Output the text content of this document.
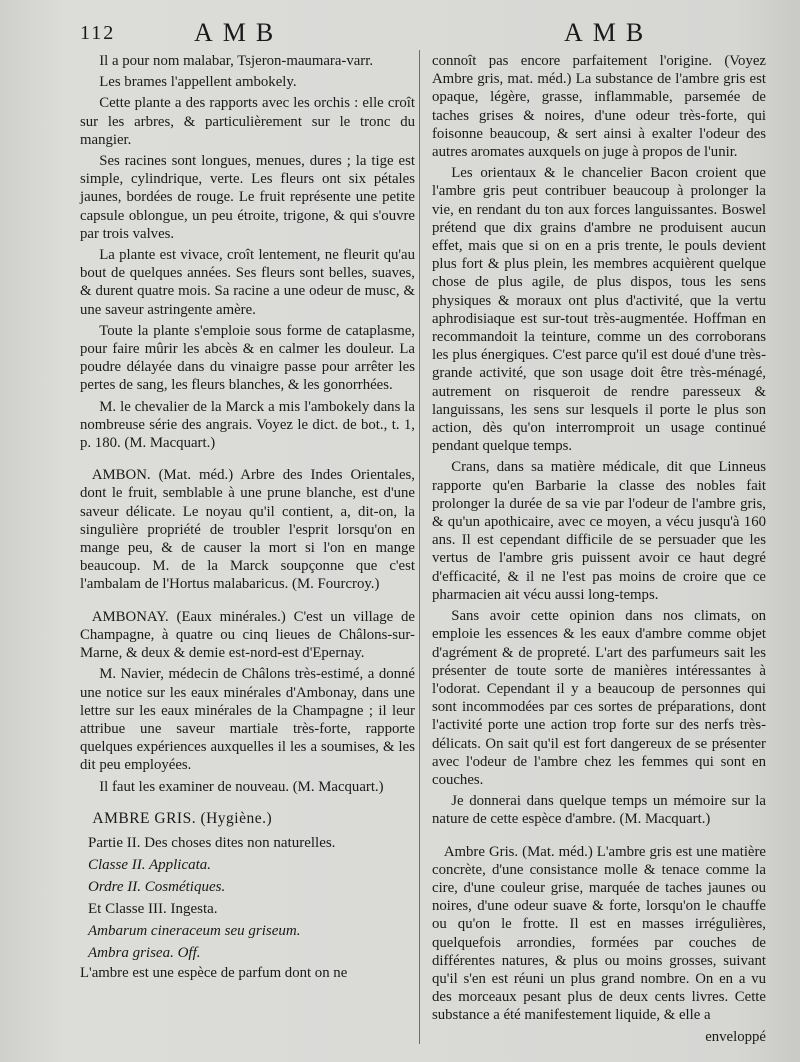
112	AMB	AMB

Il a pour nom malabar, Tsjeron-maumara-varr.

Les brames l'appellent ambokely.

Cette plante a des rapports avec les orchis : elle croît sur les arbres, & particulièrement sur le tronc du mangier.

Ses racines sont longues, menues, dures ; la tige est simple, cylindrique, verte. Les fleurs ont six pétales jaunes, bordées de rouge. Le fruit représente une petite capsule oblongue, un peu étroite, trigone, & qui s'ouvre par trois valves.

La plante est vivace, croît lentement, ne fleurit qu'au bout de quelques années. Ses fleurs sont belles, suaves, & durent quatre mois. Sa racine a une odeur de musc, & une saveur astringente amère.

Toute la plante s'emploie sous forme de cataplasme, pour faire mûrir les abcès & en calmer les douleur. La poudre délayée dans du vinaigre passe pour arrêter les pertes de sang, les fleurs blanches, & les gonorrhées.

M. le chevalier de la Marck a mis l'ambokely dans la nombreuse série des angrais. Voyez le dict. de bot., t. 1, p. 180. (M. Macquart.)

AMBON. (Mat. méd.) Arbre des Indes Orientales, dont le fruit, semblable à une prune blanche, est d'une saveur délicate. Le noyau qu'il contient, a, dit-on, la singulière propriété de troubler l'esprit lorsqu'on en mange peu, & de causer la mort si l'on en mange beaucoup. M. de la Marck soupçonne que c'est l'ambalam de l'Hortus malabaricus. (M. Fourcroy.)

AMBONAY. (Eaux minérales.) C'est un village de Champagne, à quatre ou cinq lieues de Châlons-sur-Marne, & deux & demie est-nord-est d'Epernay.

M. Navier, médecin de Châlons très-estimé, a donné une notice sur les eaux minérales d'Ambonay, dans une lettre sur les eaux minérales de la Champagne ; il leur attribue une saveur martiale très-forte, rapporte quelques expériences auxquelles il les a soumises, & les dit peu employées.

Il faut les examiner de nouveau. (M. Macquart.)

AMBRE GRIS. (Hygiène.)

Partie II. Des choses dites non naturelles.
Classe II. Applicata.
Ordre II. Cosmétiques.
Et Classe III. Ingesta.
Ambarum cineraceum seu griseum.
Ambra grisea. Off.

L'ambre est une espèce de parfum dont on ne

connoît pas encore parfaitement l'origine. (Voyez Ambre gris, mat. méd.) La substance de l'ambre gris est opaque, légère, grasse, inflammable, parsemée de taches grises & noires, d'une odeur très-forte, qui foisonne beaucoup, & sert ainsi à exalter l'odeur des autres aromates auxquels on juge à propos de l'unir.

Les orientaux & le chancelier Bacon croient que l'ambre gris peut contribuer beaucoup à prolonger la vie, en rendant du ton aux forces languissantes. Boswel prétend que dix grains d'ambre ne produisent aucun effet, mais que si on en a pris trente, le pouls devient plus fort & plus plein, les membres acquièrent quelque chose de plus agile, de plus dispos, tous les sens physiques & moraux ont plus d'activité, que la vertu aphrodisiaque est sur-tout très-augmentée. Hoffman en recommandoit la teinture, comme un des corroborans les plus énergiques. C'est parce qu'il est doué d'une très-grande activité, que son usage doit être très-ménagé, autrement on risqueroit de rendre paresseux & languissans, les sens sur lesquels il porte le plus son action, dès qu'on interromproit un usage continué pendant quelque temps.

Crans, dans sa matière médicale, dit que Linneus rapporte qu'en Barbarie la classe des nobles fait prolonger la durée de sa vie par l'odeur de l'ambre gris, & qu'un apothicaire, avec ce moyen, a vécu jusqu'à 160 ans. Il est cependant difficile de se persuader que les vertus de l'ambre gris puissent avoir ce haut degré d'efficacité, & il ne l'est pas moins de croire que ce pharmacien ait vécu aussi long-temps.

Sans avoir cette opinion dans nos climats, on emploie les essences & les eaux d'ambre comme objet d'agrément & de propreté. L'art des parfumeurs sait les présenter de toute sorte de manières intéressantes à l'odorat. Cependant il y a beaucoup de personnes qui sont incommodées par ces sortes de préparations, dont l'activité porte une action trop forte sur des nerfs très-délicats. On sait qu'il est fort dangereux de se présenter avec l'odeur de l'ambre chez les femmes qui sont en couches.

Je donnerai dans quelque temps un mémoire sur la nature de cette espèce d'ambre. (M. Macquart.)

Ambre Gris. (Mat. méd.) L'ambre gris est une matière concrète, d'une consistance molle & tenace comme la cire, d'une couleur grise, marquée de taches jaunes ou noires, d'une odeur suave & forte, lorsqu'on le chauffe ou qu'on le frotte. Il est en masses irrégulières, quelquefois arrondies, formées par couches de différentes natures, & plus ou moins grosses, suivant qu'il s'en est réuni un plus grand nombre. On en a vu des morceaux pesant plus de deux cents livres. Cette substance a été manifestement liquide, & elle a

enveloppé
